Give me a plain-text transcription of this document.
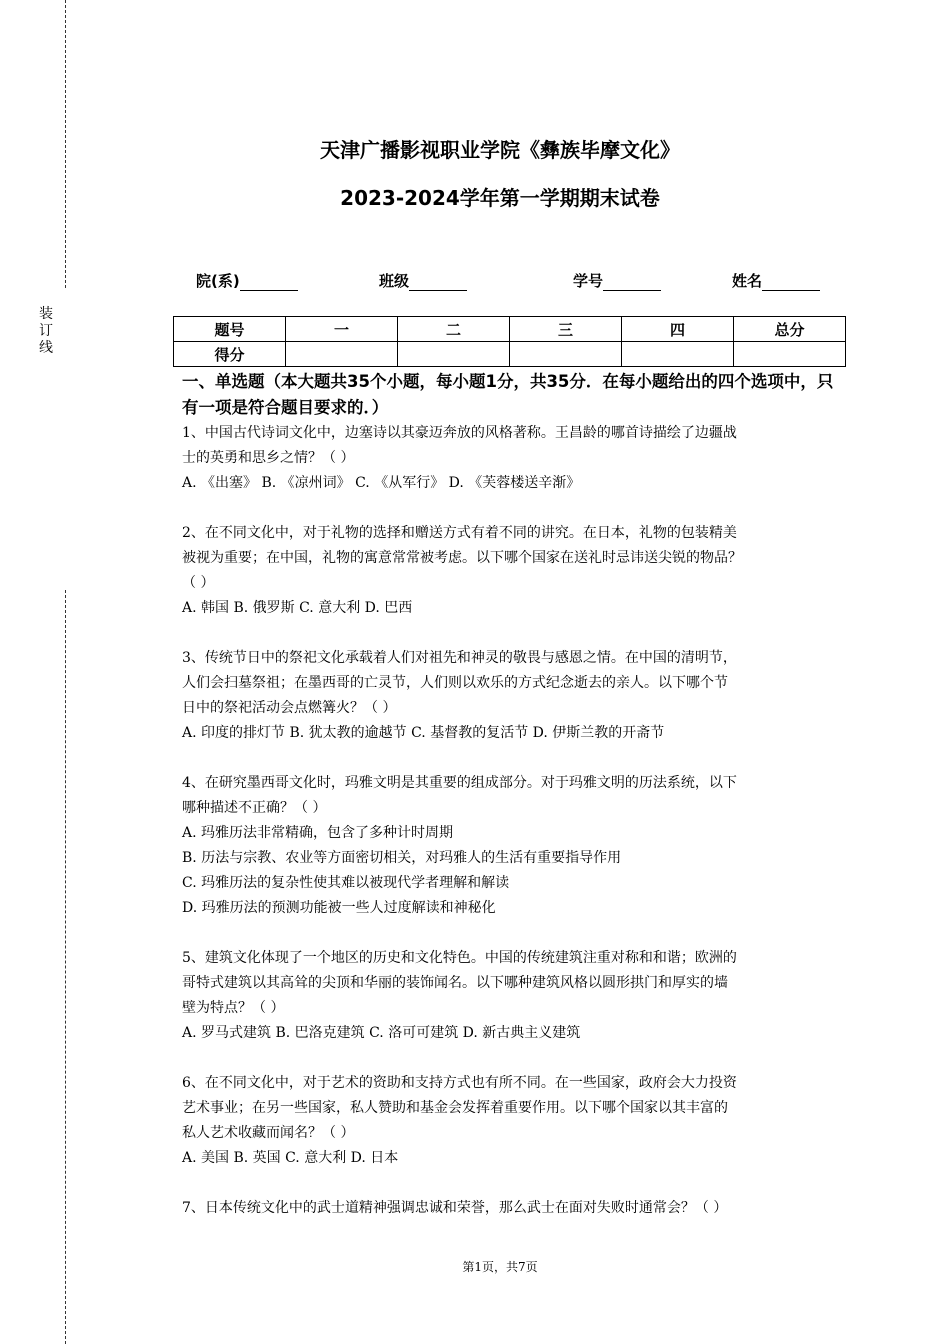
装
订
线
天津广播影视职业学院《彝族毕摩文化》
2023-2024学年第一学期期末试卷
院(系)	班级	学号	姓名
题号	一	二	三	四	总分
得分					
一、单选题（本大题共35个小题，每小题1分，共35分．在每小题给出的四个选项中，只有一项是符合题目要求的．）

1、中国古代诗词文化中，边塞诗以其豪迈奔放的风格著称。王昌龄的哪首诗描绘了边疆战

士的英勇和思乡之情？（ ）

A. 《出塞》 B. 《凉州词》 C. 《从军行》 D. 《芙蓉楼送辛渐》

2、在不同文化中，对于礼物的选择和赠送方式有着不同的讲究。在日本，礼物的包装精美

被视为重要；在中国，礼物的寓意常常被考虑。以下哪个国家在送礼时忌讳送尖锐的物品？

（ ）

A. 韩国 B. 俄罗斯 C. 意大利 D. 巴西

3、传统节日中的祭祀文化承载着人们对祖先和神灵的敬畏与感恩之情。在中国的清明节，

人们会扫墓祭祖；在墨西哥的亡灵节，人们则以欢乐的方式纪念逝去的亲人。以下哪个节

日中的祭祀活动会点燃篝火？（ ）

A. 印度的排灯节 B. 犹太教的逾越节 C. 基督教的复活节 D. 伊斯兰教的开斋节

4、在研究墨西哥文化时，玛雅文明是其重要的组成部分。对于玛雅文明的历法系统，以下

哪种描述不正确？（ ）

A. 玛雅历法非常精确，包含了多种计时周期

B. 历法与宗教、农业等方面密切相关，对玛雅人的生活有重要指导作用

C. 玛雅历法的复杂性使其难以被现代学者理解和解读

D. 玛雅历法的预测功能被一些人过度解读和神秘化

5、建筑文化体现了一个地区的历史和文化特色。中国的传统建筑注重对称和和谐；欧洲的

哥特式建筑以其高耸的尖顶和华丽的装饰闻名。以下哪种建筑风格以圆形拱门和厚实的墙

壁为特点？（ ）

A. 罗马式建筑 B. 巴洛克建筑 C. 洛可可建筑 D. 新古典主义建筑

6、在不同文化中，对于艺术的资助和支持方式也有所不同。在一些国家，政府会大力投资

艺术事业；在另一些国家，私人赞助和基金会发挥着重要作用。以下哪个国家以其丰富的

私人艺术收藏而闻名？（ ）

A. 美国 B. 英国 C. 意大利 D. 日本

7、日本传统文化中的武士道精神强调忠诚和荣誉，那么武士在面对失败时通常会？（ ）

第1页，共7页
